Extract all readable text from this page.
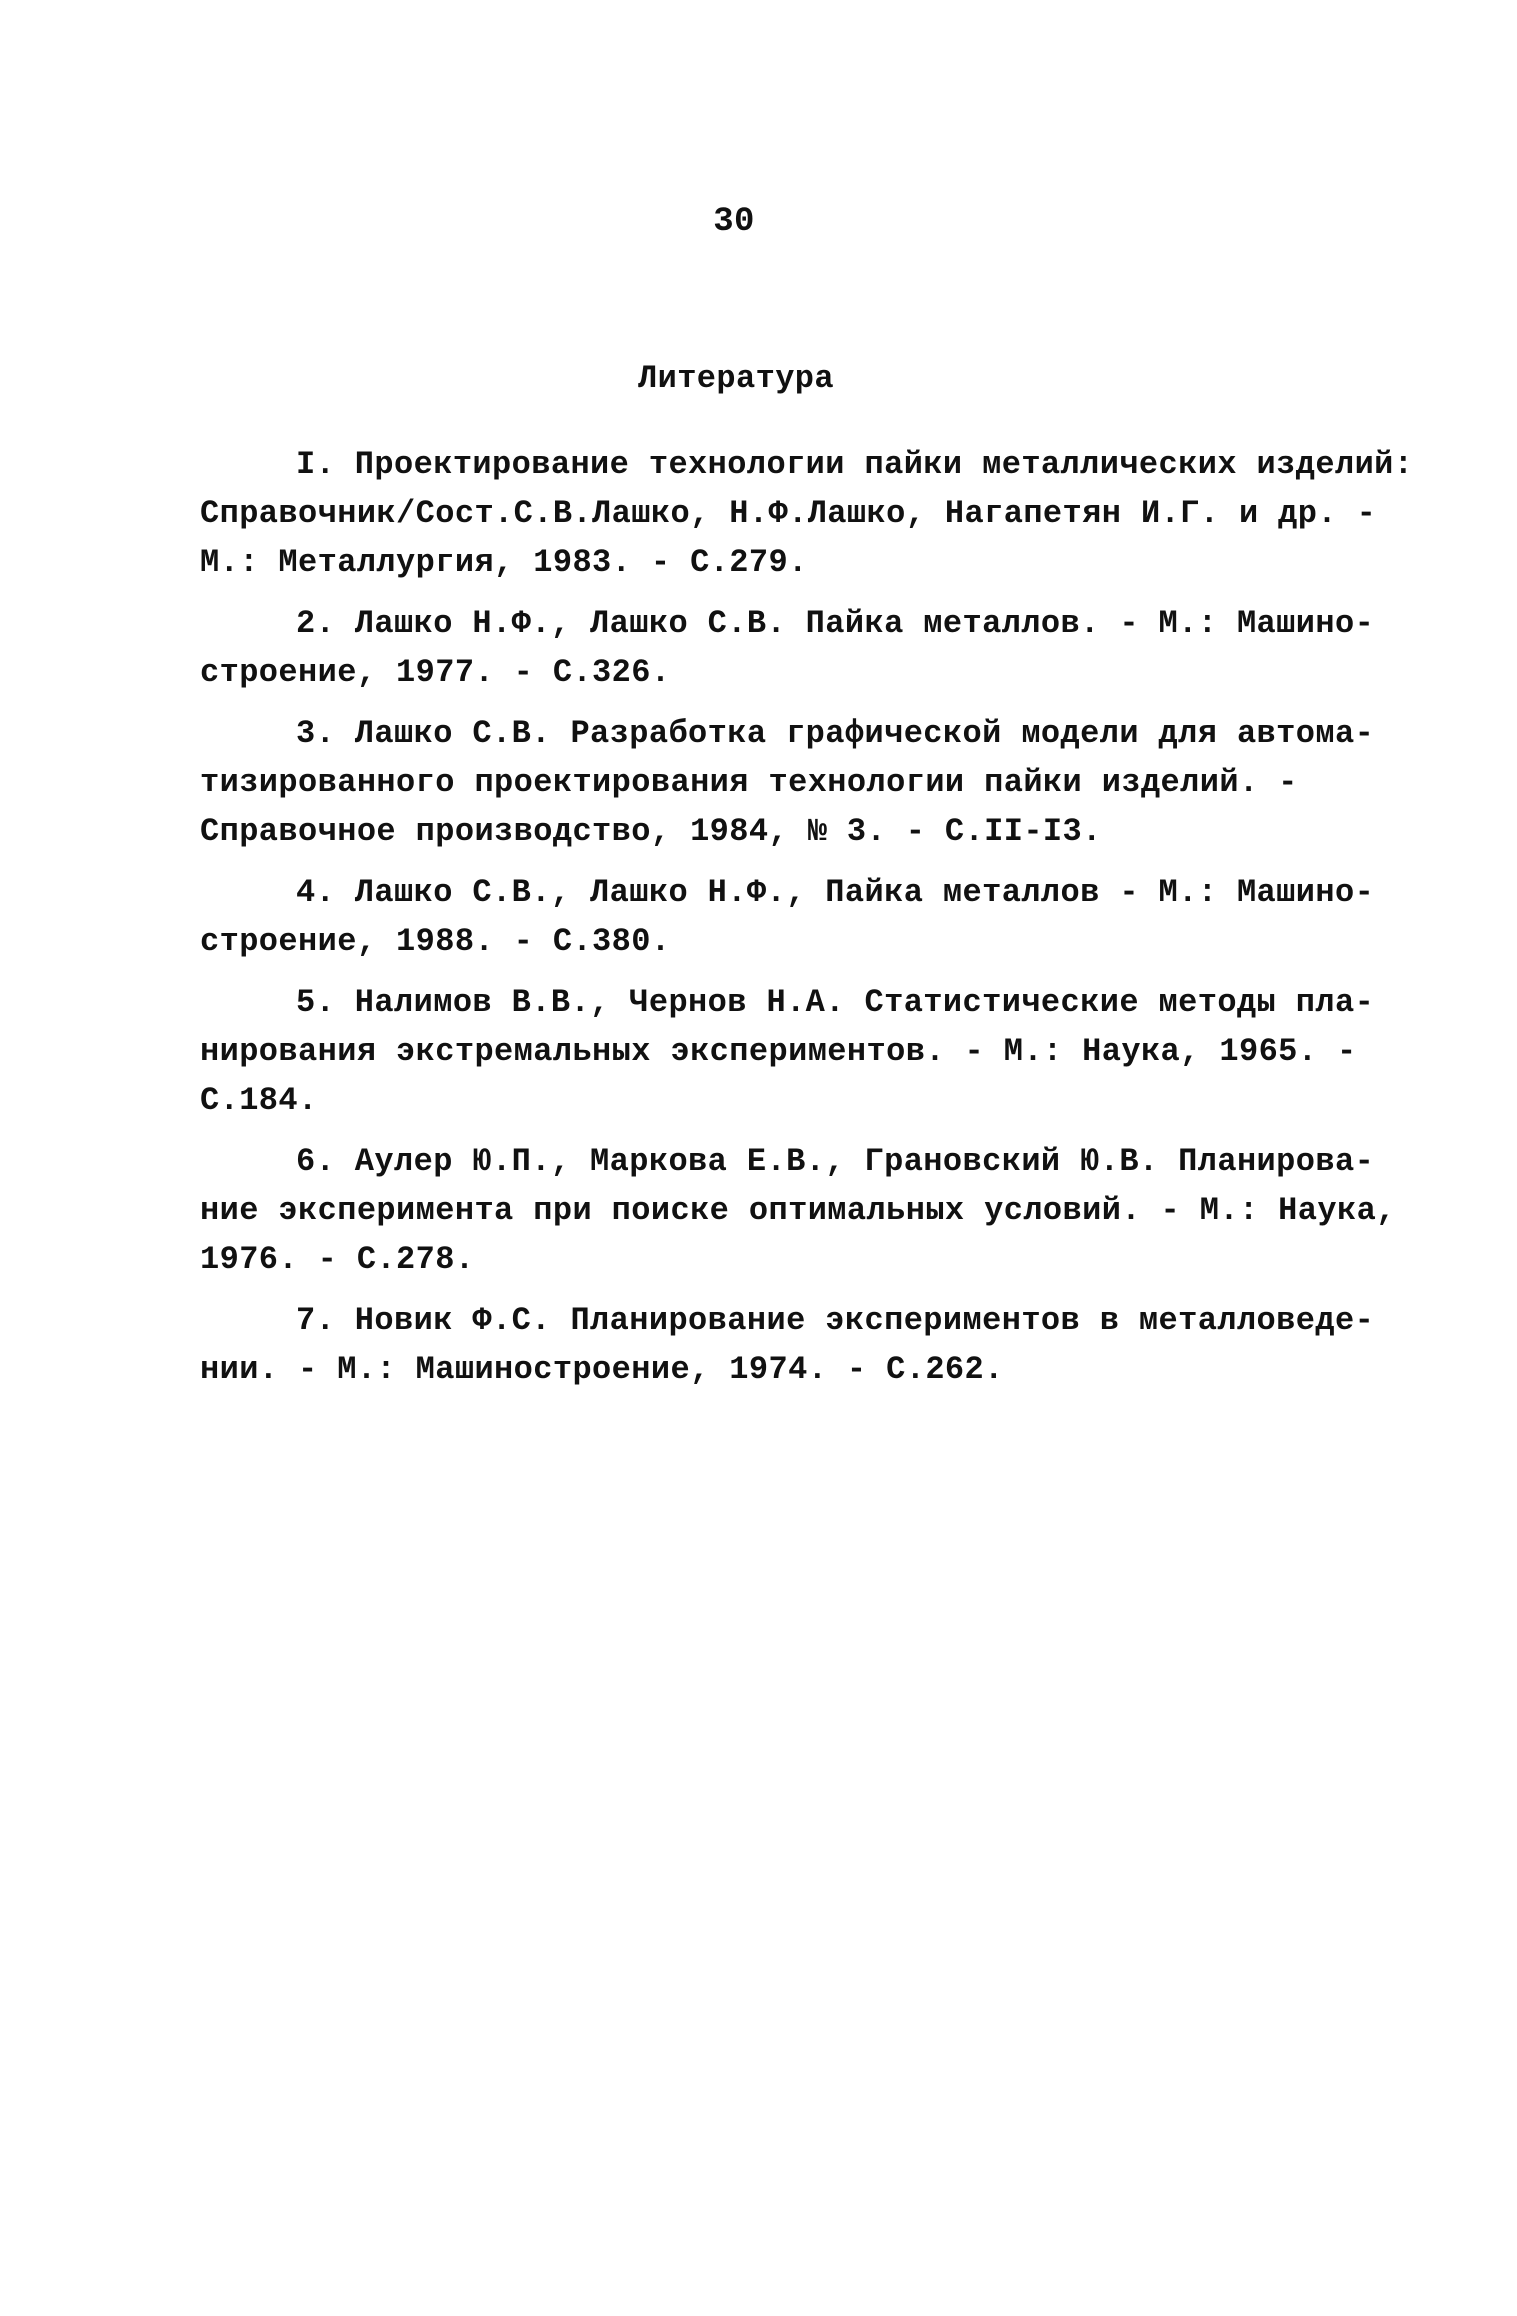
30
Литература
I. Проектирование технологии пайки металлических изделий:
Справочник/Сост.С.В.Лашко, Н.Ф.Лашко, Нагапетян И.Г. и др. -
М.: Металлургия, 1983. - С.279.
2. Лашко Н.Ф., Лашко С.В. Пайка металлов. - М.: Машино-
строение, 1977. - С.326.
3. Лашко С.В. Разработка графической модели для автома-
тизированного проектирования технологии пайки изделий. -
Справочное производство, 1984, № 3. - С.II-I3.
4. Лашко С.В., Лашко Н.Ф., Пайка металлов - М.: Машино-
строение, 1988. - С.380.
5. Налимов В.В., Чернов Н.А. Статистические методы пла-
нирования экстремальных экспериментов. - М.: Наука, 1965. -
С.184.
6. Аулер Ю.П., Маркова Е.В., Грановский Ю.В. Планирова-
ние эксперимента при поиске оптимальных условий. - М.: Наука,
1976. - С.278.
7. Новик Ф.С. Планирование экспериментов в металловеде-
нии. - М.: Машиностроение, 1974. - С.262.
